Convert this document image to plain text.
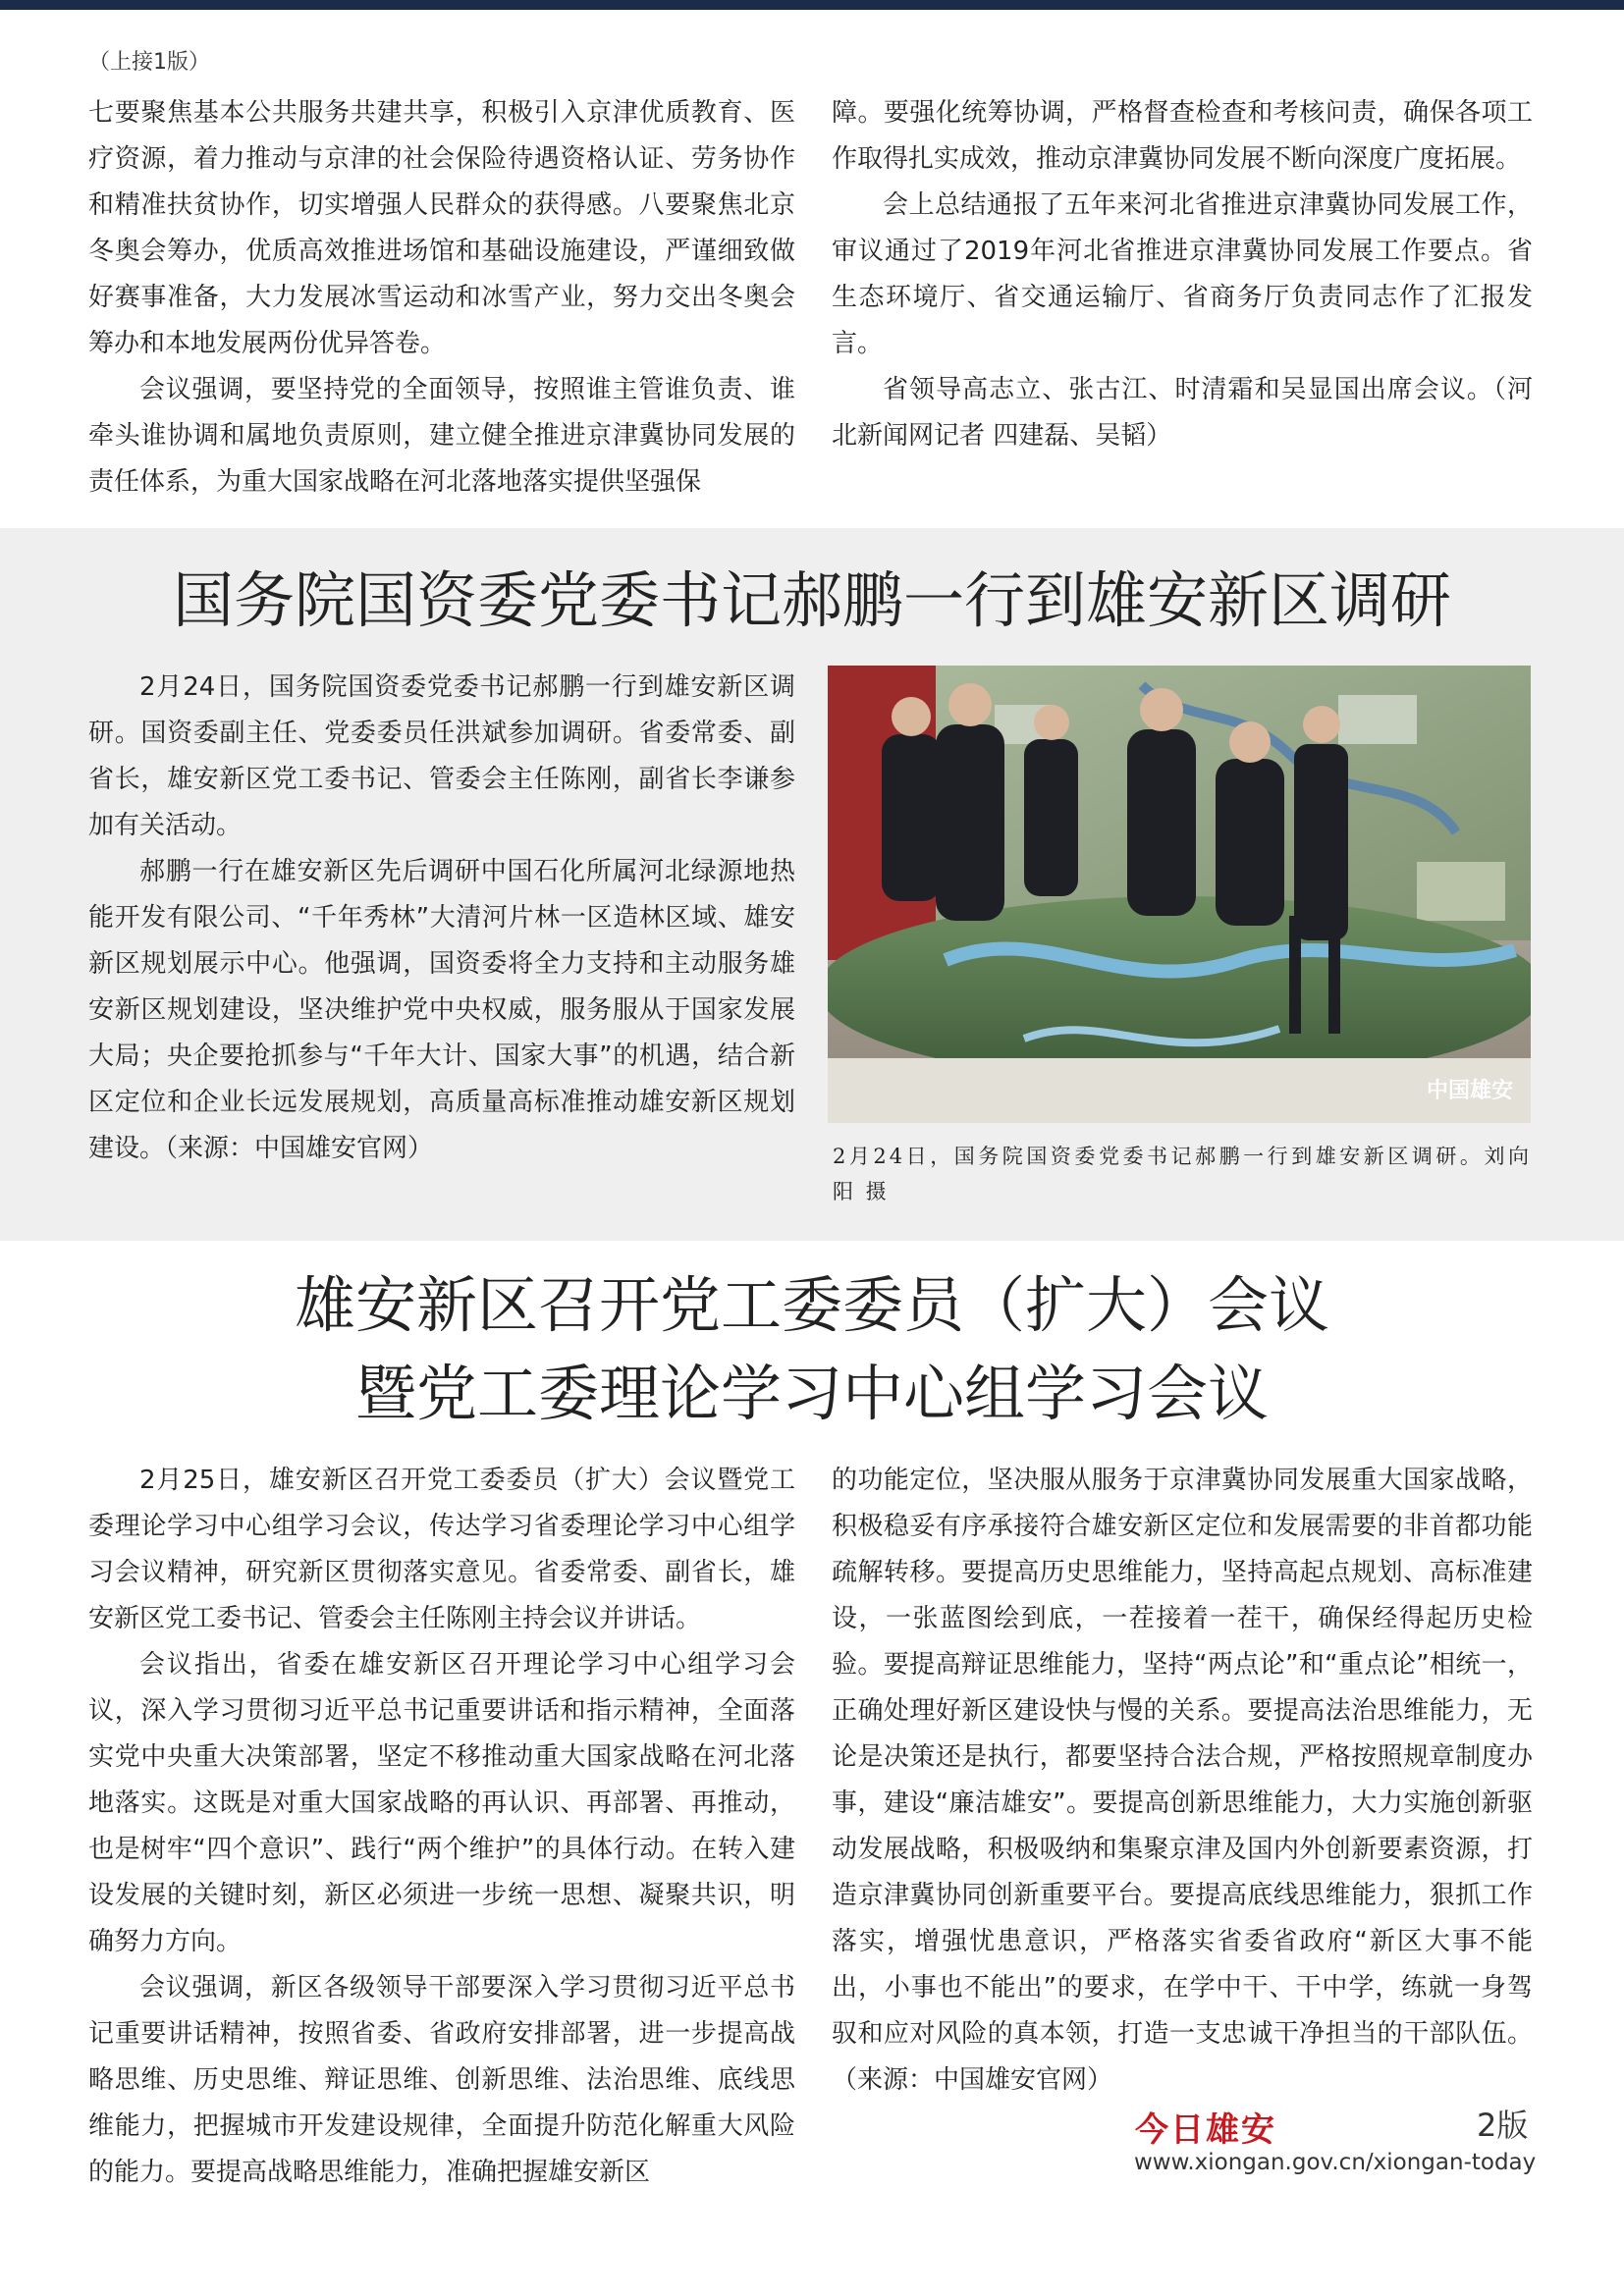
（上接1版）

七要聚焦基本公共服务共建共享，积极引入京津优质教育、医疗资源，着力推动与京津的社会保险待遇资格认证、劳务协作和精准扶贫协作，切实增强人民群众的获得感。八要聚焦北京冬奥会筹办，优质高效推进场馆和基础设施建设，严谨细致做好赛事准备，大力发展冰雪运动和冰雪产业，努力交出冬奥会筹办和本地发展两份优异答卷。

会议强调，要坚持党的全面领导，按照谁主管谁负责、谁牵头谁协调和属地负责原则，建立健全推进京津冀协同发展的责任体系，为重大国家战略在河北落地落实提供坚强保

障。要强化统筹协调，严格督查检查和考核问责，确保各项工作取得扎实成效，推动京津冀协同发展不断向深度广度拓展。

会上总结通报了五年来河北省推进京津冀协同发展工作，审议通过了2019年河北省推进京津冀协同发展工作要点。省生态环境厅、省交通运输厅、省商务厅负责同志作了汇报发言。

省领导高志立、张古江、时清霜和吴显国出席会议。（河北新闻网记者 四建磊、吴韬）

国务院国资委党委书记郝鹏一行到雄安新区调研

2月24日，国务院国资委党委书记郝鹏一行到雄安新区调研。国资委副主任、党委委员任洪斌参加调研。省委常委、副省长，雄安新区党工委书记、管委会主任陈刚，副省长李谦参加有关活动。

郝鹏一行在雄安新区先后调研中国石化所属河北绿源地热能开发有限公司、“千年秀林”大清河片林一区造林区域、雄安新区规划展示中心。他强调，国资委将全力支持和主动服务雄安新区规划建设，坚决维护党中央权威，服务服从于国家发展大局；央企要抢抓参与“千年大计、国家大事”的机遇，结合新区定位和企业长远发展规划，高质量高标准推动雄安新区规划建设。（来源：中国雄安官网）

中国雄安
2月24日，国务院国资委党委书记郝鹏一行到雄安新区调研。刘向阳 摄
雄安新区召开党工委委员（扩大）会议
暨党工委理论学习中心组学习会议

2月25日，雄安新区召开党工委委员（扩大）会议暨党工委理论学习中心组学习会议，传达学习省委理论学习中心组学习会议精神，研究新区贯彻落实意见。省委常委、副省长，雄安新区党工委书记、管委会主任陈刚主持会议并讲话。

会议指出，省委在雄安新区召开理论学习中心组学习会议，深入学习贯彻习近平总书记重要讲话和指示精神，全面落实党中央重大决策部署，坚定不移推动重大国家战略在河北落地落实。这既是对重大国家战略的再认识、再部署、再推动，也是树牢“四个意识”、践行“两个维护”的具体行动。在转入建设发展的关键时刻，新区必须进一步统一思想、凝聚共识，明确努力方向。

会议强调，新区各级领导干部要深入学习贯彻习近平总书记重要讲话精神，按照省委、省政府安排部署，进一步提高战略思维、历史思维、辩证思维、创新思维、法治思维、底线思维能力，把握城市开发建设规律，全面提升防范化解重大风险的能力。要提高战略思维能力，准确把握雄安新区

的功能定位，坚决服从服务于京津冀协同发展重大国家战略，积极稳妥有序承接符合雄安新区定位和发展需要的非首都功能疏解转移。要提高历史思维能力，坚持高起点规划、高标准建设，一张蓝图绘到底，一茬接着一茬干，确保经得起历史检验。要提高辩证思维能力，坚持“两点论”和“重点论”相统一，正确处理好新区建设快与慢的关系。要提高法治思维能力，无论是决策还是执行，都要坚持合法合规，严格按照规章制度办事，建设“廉洁雄安”。要提高创新思维能力，大力实施创新驱动发展战略，积极吸纳和集聚京津及国内外创新要素资源，打造京津冀协同创新重要平台。要提高底线思维能力，狠抓工作落实，增强忧患意识，严格落实省委省政府“新区大事不能出，小事也不能出”的要求，在学中干、干中学，练就一身驾驭和应对风险的真本领，打造一支忠诚干净担当的干部队伍。（来源：中国雄安官网）

今日雄安	2版
www.xiongan.gov.cn/xiongan-today
